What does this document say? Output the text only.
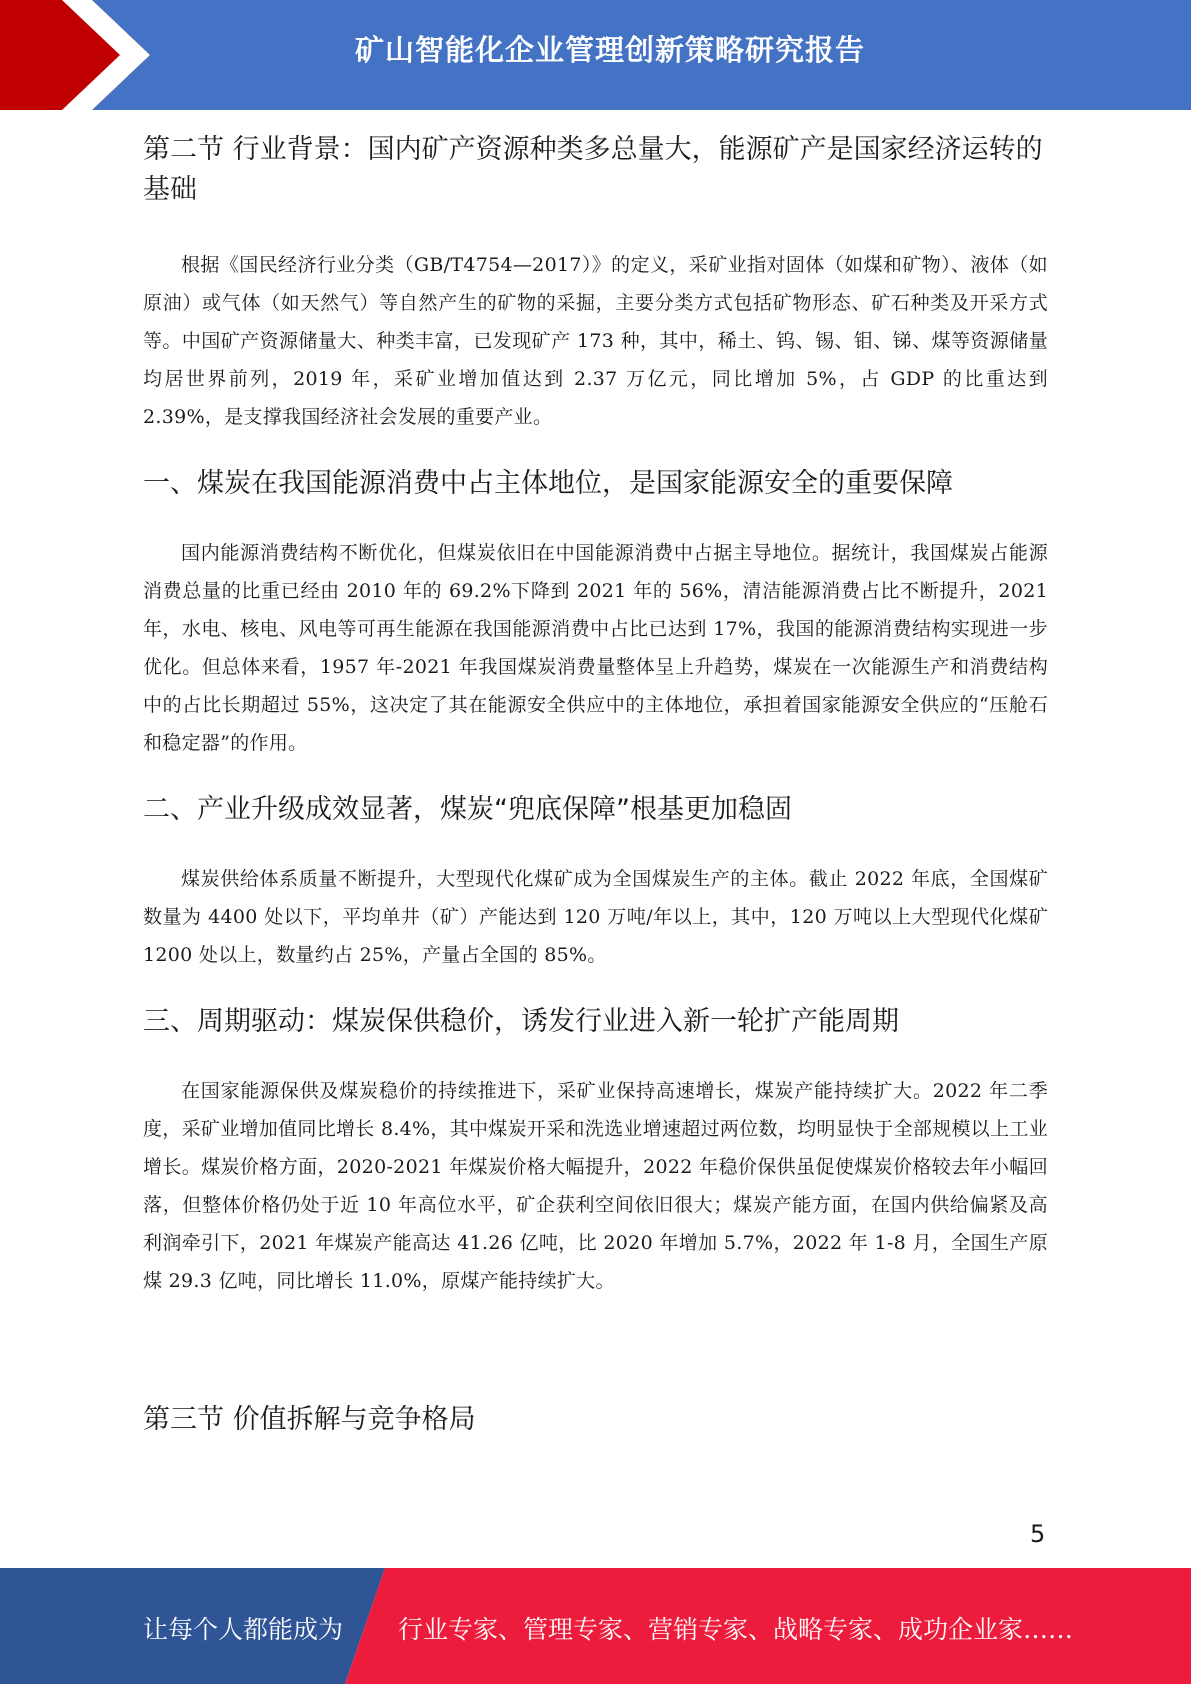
矿山智能化企业管理创新策略研究报告
第二节 行业背景：国内矿产资源种类多总量大，能源矿产是国家经济运转的基础

根据《国民经济行业分类（GB/T4754—2017）》的定义，采矿业指对固体（如煤和矿物）、液体（如原油）或气体（如天然气）等自然产生的矿物的采掘，主要分类方式包括矿物形态、矿石种类及开采方式等。中国矿产资源储量大、种类丰富，已发现矿产 173 种，其中，稀土、钨、锡、钼、锑、煤等资源储量均居世界前列，2019 年，采矿业增加值达到 2.37 万亿元，同比增加 5%，占 GDP 的比重达到 2.39%，是支撑我国经济社会发展的重要产业。

一、煤炭在我国能源消费中占主体地位，是国家能源安全的重要保障

国内能源消费结构不断优化，但煤炭依旧在中国能源消费中占据主导地位。据统计，我国煤炭占能源消费总量的比重已经由 2010 年的 69.2%下降到 2021 年的 56%，清洁能源消费占比不断提升，2021 年，水电、核电、风电等可再生能源在我国能源消费中占比已达到 17%，我国的能源消费结构实现进一步优化。但总体来看，1957 年-2021 年我国煤炭消费量整体呈上升趋势，煤炭在一次能源生产和消费结构中的占比长期超过 55%，这决定了其在能源安全供应中的主体地位，承担着国家能源安全供应的“压舱石和稳定器”的作用。

二、产业升级成效显著，煤炭“兜底保障”根基更加稳固

煤炭供给体系质量不断提升，大型现代化煤矿成为全国煤炭生产的主体。截止 2022 年底，全国煤矿数量为 4400 处以下，平均单井（矿）产能达到 120 万吨/年以上，其中，120 万吨以上大型现代化煤矿 1200 处以上，数量约占 25%，产量占全国的 85%。

三、周期驱动：煤炭保供稳价，诱发行业进入新一轮扩产能周期

在国家能源保供及煤炭稳价的持续推进下，采矿业保持高速增长，煤炭产能持续扩大。2022 年二季度，采矿业增加值同比增长 8.4%，其中煤炭开采和洗选业增速超过两位数，均明显快于全部规模以上工业增长。煤炭价格方面，2020-2021 年煤炭价格大幅提升，2022 年稳价保供虽促使煤炭价格较去年小幅回落，但整体价格仍处于近 10 年高位水平，矿企获利空间依旧很大；煤炭产能方面，在国内供给偏紧及高利润牵引下，2021 年煤炭产能高达 41.26 亿吨，比 2020 年增加 5.7%，2022 年 1-8 月，全国生产原煤 29.3 亿吨，同比增长 11.0%，原煤产能持续扩大。

第三节 价值拆解与竞争格局
5
让每个人都能成为 行业专家、管理专家、营销专家、战略专家、成功企业家……
